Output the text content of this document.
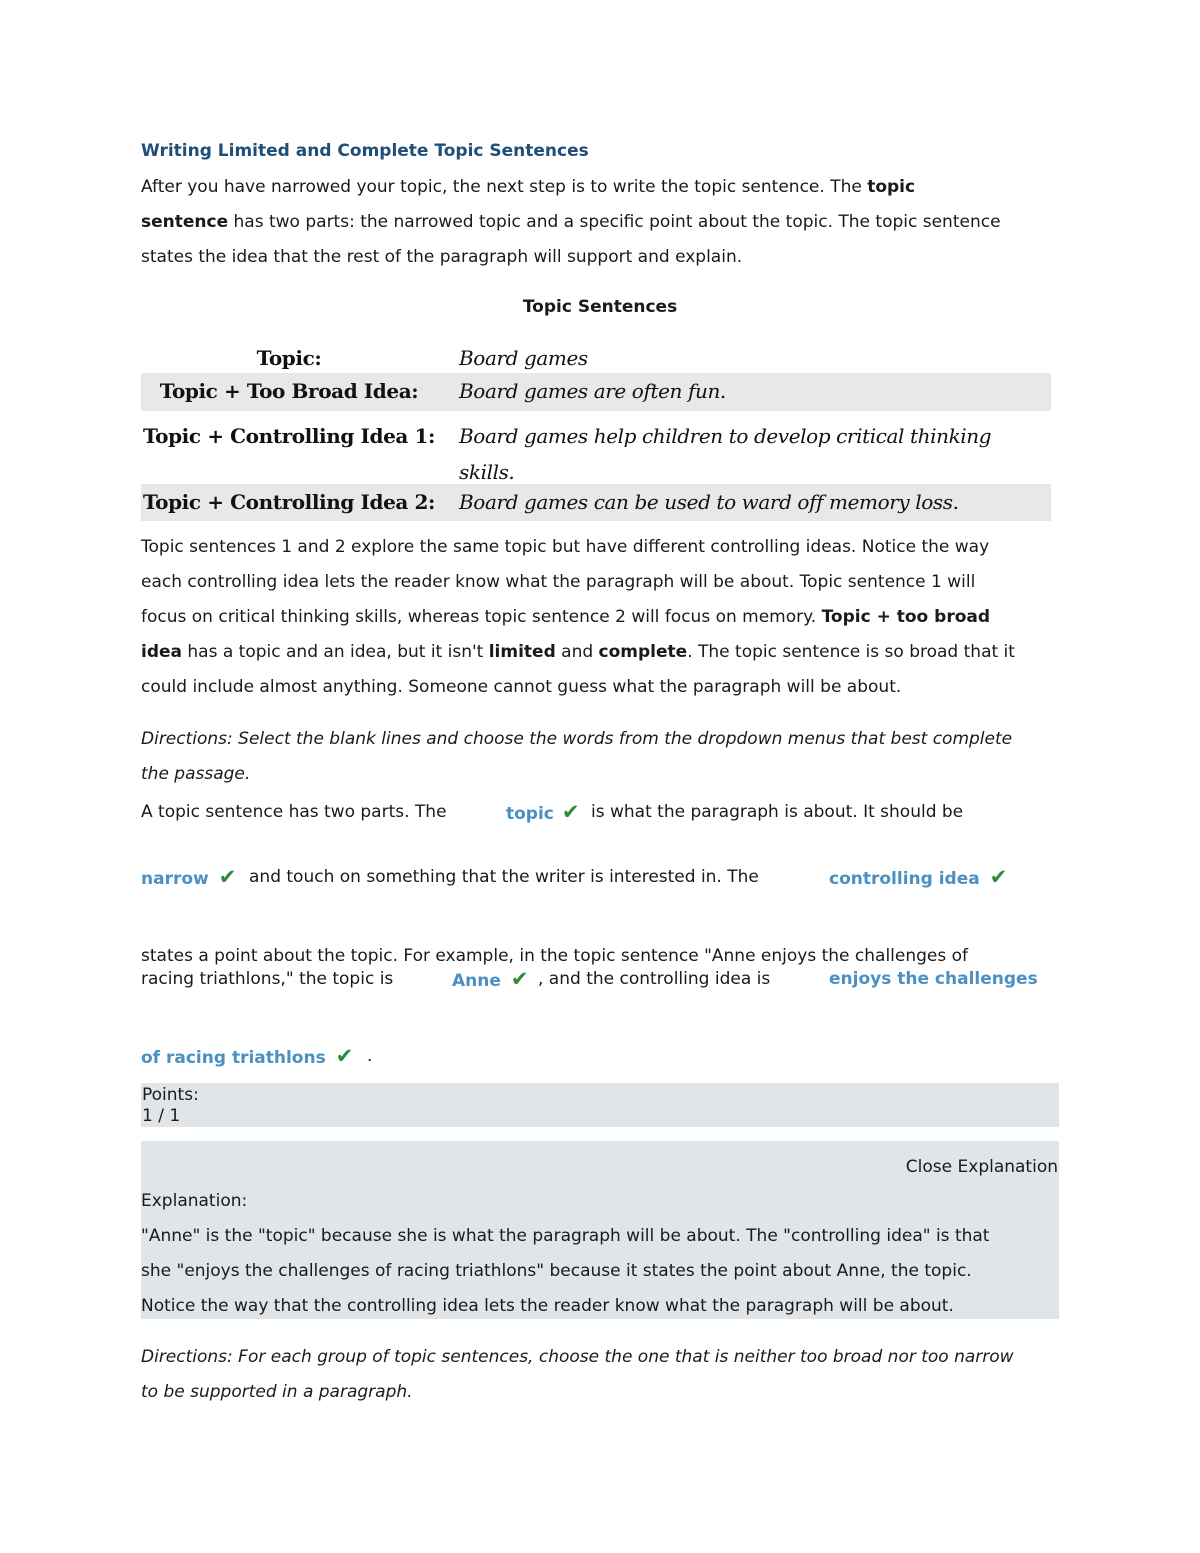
Writing Limited and Complete Topic Sentences
After you have narrowed your topic, the next step is to write the topic sentence. The topic
sentence has two parts: the narrowed topic and a specific point about the topic. The topic sentence
states the idea that the rest of the paragraph will support and explain.
Topic Sentences
Topic:	Board games
Topic + Too Broad Idea:	Board games are often fun.
Topic + Controlling Idea 1: Board games help children to develop critical thinking
skills.
Topic + Controlling Idea 2: Board games can be used to ward off memory loss.
Topic sentences 1 and 2 explore the same topic but have different controlling ideas. Notice the way
each controlling idea lets the reader know what the paragraph will be about. Topic sentence 1 will
focus on critical thinking skills, whereas topic sentence 2 will focus on memory. Topic + too broad
idea has a topic and an idea, but it isn't limited and complete. The topic sentence is so broad that it
could include almost anything. Someone cannot guess what the paragraph will be about.
Directions: Select the blank lines and choose the words from the dropdown menus that best complete
the passage.
A topic sentence has two parts. The	topic ✔ is what the paragraph is about. It should be
narrow ✔ and touch on something that the writer is interested in. The	controlling idea ✔
states a point about the topic. For example, in the topic sentence "Anne enjoys the challenges of
racing triathlons," the topic is	Anne ✔ , and the controlling idea is	enjoys the challenges
of racing triathlons ✔ .
Points:
1 / 1
Close Explanation
Explanation:
"Anne" is the "topic" because she is what the paragraph will be about. The "controlling idea" is that
she "enjoys the challenges of racing triathlons" because it states the point about Anne, the topic.
Notice the way that the controlling idea lets the reader know what the paragraph will be about.
Directions: For each group of topic sentences, choose the one that is neither too broad nor too narrow
to be supported in a paragraph.
